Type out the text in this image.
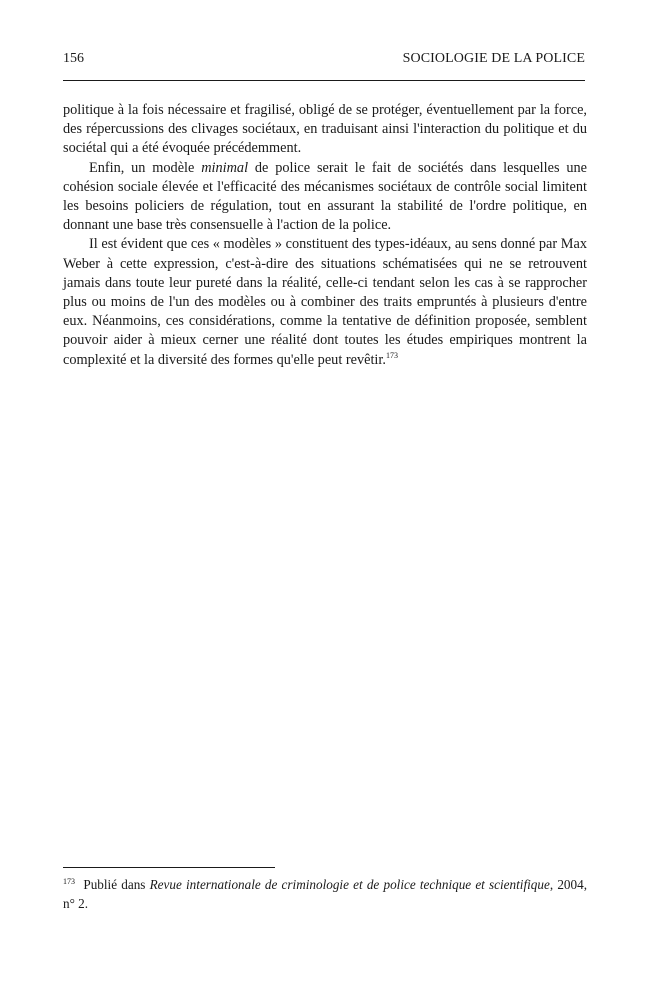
156	SOCIOLOGIE DE LA POLICE

politique à la fois nécessaire et fragilisé, obligé de se protéger, éventuellement par la force, des répercussions des clivages sociétaux, en traduisant ainsi l'interaction du politique et du sociétal qui a été évoquée précédemment.

Enfin, un modèle minimal de police serait le fait de sociétés dans lesquelles une cohésion sociale élevée et l'efficacité des mécanismes sociétaux de contrôle social limitent les besoins policiers de régulation, tout en assurant la stabilité de l'ordre politique, en donnant une base très consensuelle à l'action de la police.

Il est évident que ces « modèles » constituent des types-idéaux, au sens donné par Max Weber à cette expression, c'est-à-dire des situations schématisées qui ne se retrouvent jamais dans toute leur pureté dans la réalité, celle-ci tendant selon les cas à se rapprocher plus ou moins de l'un des modèles ou à combiner des traits empruntés à plusieurs d'entre eux. Néanmoins, ces considérations, comme la tentative de définition proposée, semblent pouvoir aider à mieux cerner une réalité dont toutes les études empiriques montrent la complexité et la diversité des formes qu'elle peut revêtir.$^{173}$

$^{173}$ Publié dans Revue internationale de criminologie et de police technique et scientifique, 2004, n° 2.
